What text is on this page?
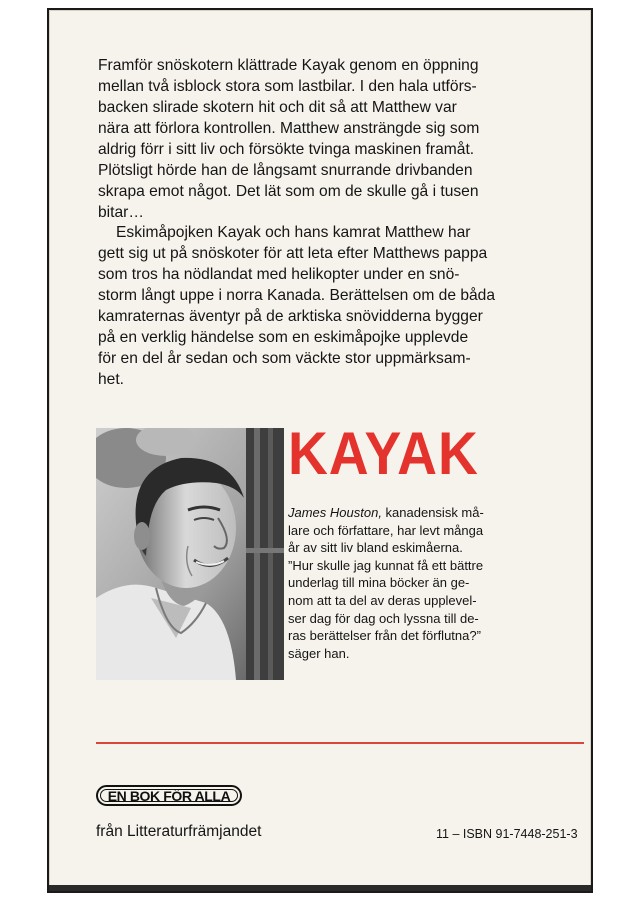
Framför snöskotern klättrade Kayak genom en öppning
mellan två isblock stora som lastbilar. I den hala utförs-
backen slirade skotern hit och dit så att Matthew var
nära att förlora kontrollen. Matthew ansträngde sig som
aldrig förr i sitt liv och försökte tvinga maskinen framåt.
Plötsligt hörde han de långsamt snurrande drivbanden
skrapa emot något. Det lät som om de skulle gå i tusen
bitar…

Eskimåpojken Kayak och hans kamrat Matthew har
gett sig ut på snöskoter för att leta efter Matthews pappa
som tros ha nödlandat med helikopter under en snö-
storm långt uppe i norra Kanada. Berättelsen om de båda
kamraternas äventyr på de arktiska snövidderna bygger
på en verklig händelse som en eskimåpojke upplevde
för en del år sedan och som väckte stor uppmärksam-
het.

KAYAK

James Houston, kanadensisk må-
lare och författare, har levt många
år av sitt liv bland eskimåerna.
”Hur skulle jag kunnat få ett bättre
underlag till mina böcker än ge-
nom att ta del av deras upplevel-
ser dag för dag och lyssna till de-
ras berättelser från det förflutna?”
säger han.

EN BOK FÖR ALLA
från Litteraturfrämjandet	11 – ISBN 91-7448-251-3
